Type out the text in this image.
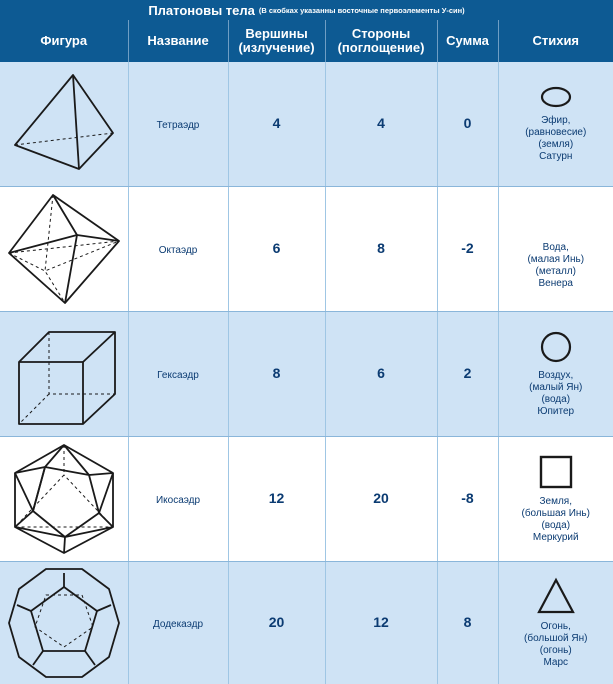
Платоновы тела (В скобках указанны восточные первоэлементы У-син)
Фигура	Название	Вершины
(излучение)	Стороны
(поглощение)	Сумма	Стихия

	Тетраэдр	4	4	0	Эфир,
(равновесие)
(земля)
Сатурн

	Октаэдр	6	8	-2	Вода,
(малая Инь)
(металл)
Венера

	Гексаэдр	8	6	2	Воздух,
(малый Ян)
(вода)
Юпитер

	Икосаэдр	12	20	-8	Земля,
(большая Инь)
(вода)
Меркурий

	Додекаэдр	20	12	8	Огонь,
(большой Ян)
(огонь)
Марс
